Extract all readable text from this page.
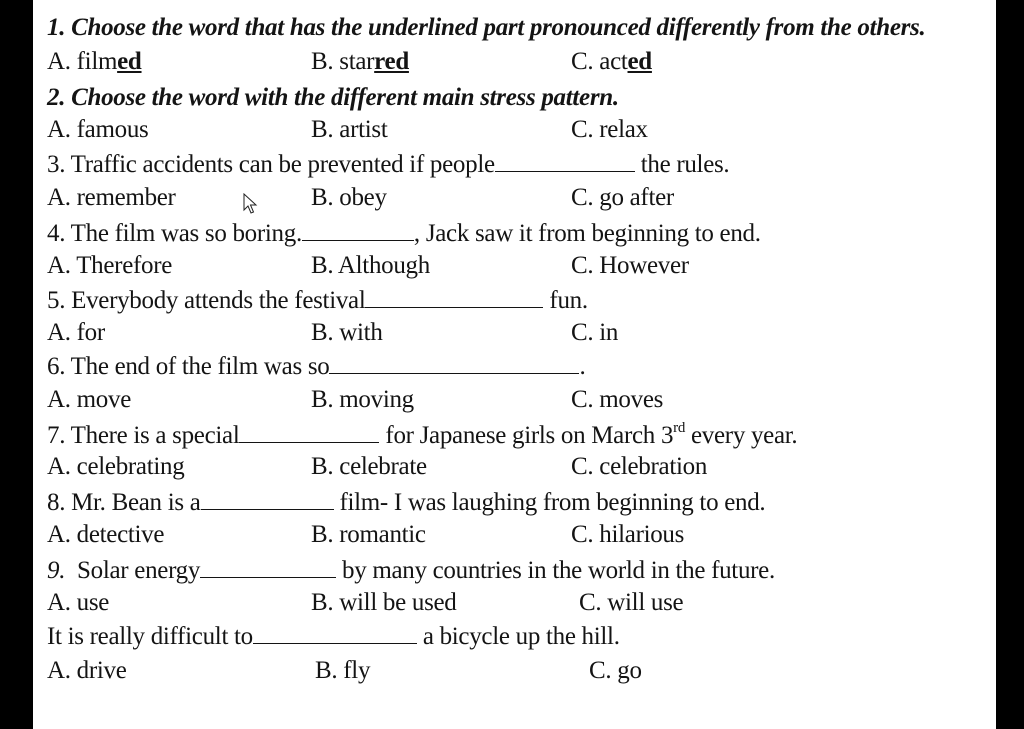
1. Choose the word that has the underlined part pronounced differently from the others.
A. filmed	B. starred	C. acted
2. Choose the word with the different main stress pattern.
A. famous	B. artist	C. relax
3. Traffic accidents can be prevented if people	the rules.
A. remember	B. obey	C. go after
4. The film was so boring.	, Jack saw it from beginning to end.
A. Therefore	B. Although	C. However
5. Everybody attends the festival	fun.
A. for	B. with	C. in
6. The end of the film was so	.
A. move	B. moving	C. moves
7. There is a special	for Japanese girls on March 3rd every year.
A. celebrating	B. celebrate	C. celebration
8. Mr. Bean is a	film- I was laughing from beginning to end.
A. detective	B. romantic	C. hilarious
9.  Solar energy	by many countries in the world in the future.
A. use	B. will be used	C. will use
It is really difficult to	a bicycle up the hill.
A. drive	B. fly	C. go
